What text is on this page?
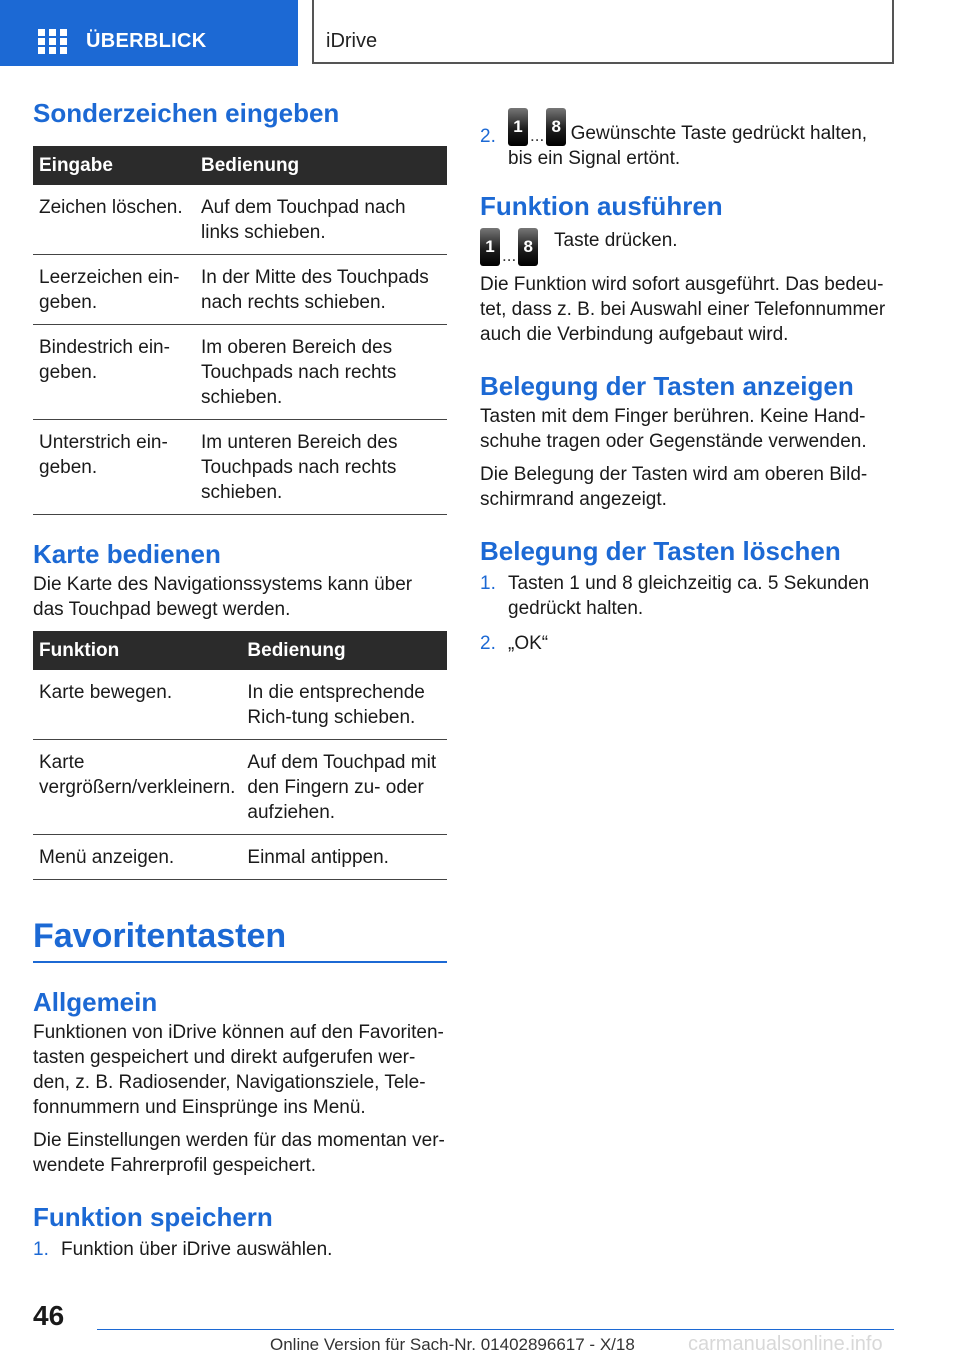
ÜBERBLICK	iDrive
Sonderzeichen eingeben
Eingabe	Bedienung
Zeichen löschen.	Auf dem Touchpad nach links schieben.
Leerzeichen ein-geben.	In der Mitte des Touchpads nach rechts schieben.
Bindestrich ein-geben.	Im oberen Bereich des Touchpads nach rechts schieben.
Unterstrich ein-geben.	Im unteren Bereich des Touchpads nach rechts schieben.
Karte bedienen

Die Karte des Navigationssystems kann über das Touchpad bewegt werden.

Funktion	Bedienung
Karte bewegen.	In die entsprechende Rich-tung schieben.
Karte vergrößern/verkleinern.	Auf dem Touchpad mit den Fingern zu- oder aufziehen.
Menü anzeigen.	Einmal antippen.
Favoritentasten
Allgemein

Funktionen von iDrive können auf den Favoriten-tasten gespeichert und direkt aufgerufen wer-den, z. B. Radiosender, Navigationsziele, Tele-fonnummern und Einsprünge ins Menü.

Die Einstellungen werden für das momentan ver-wendete Fahrerprofil gespeichert.

Funktion speichern
1. Funktion über iDrive auswählen.
2.	1 ... 8 Gewünschte Taste gedrückt halten, bis ein Signal ertönt.
Funktion ausführen
1 ... 8	Taste drücken.

Die Funktion wird sofort ausgeführt. Das bedeu-tet, dass z. B. bei Auswahl einer Telefonnummer auch die Verbindung aufgebaut wird.

Belegung der Tasten anzeigen

Tasten mit dem Finger berühren. Keine Hand-schuhe tragen oder Gegenstände verwenden.

Die Belegung der Tasten wird am oberen Bild-schirmrand angezeigt.

Belegung der Tasten löschen
1. Tasten 1 und 8 gleichzeitig ca. 5 Sekunden gedrückt halten.
2. „OK“
46
Online Version für Sach-Nr. 01402896617 - X/18	carmanualsonline.info
